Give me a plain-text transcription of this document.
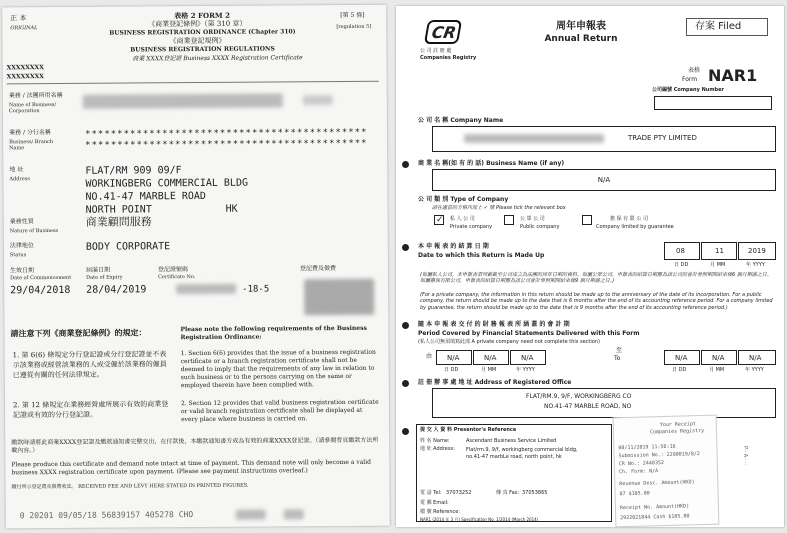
正 本
ORIGINAL
表格 2 FORM 2	[第 5 條]
[regulation 5]
《商業登記條例》（第 310 章）
BUSINESS REGISTRATION ORDINANCE (Chapter 310)
《商業登記規例》
BUSINESS REGISTRATION REGULATIONS
商業 XXXX登記證 Business XXXX Registration Certificate
XXXXXXXX
XXXXXXXX
業務 / 法團所用名稱
Name of Business/ Corporation
業務 / 分行名稱
Business/ Branch Name
********************************************
********************************************
地 址
Address
FLAT/RM 909 09/F
WORKINGBERG COMMERCIAL BLDG
NO.41-47 MARBLE ROAD
NORTH POINT	HK
業務性質
Nature of Business
商業顧問服務
法律地位
Status
BODY CORPORATE
生效日期
Date of Commencement
29/04/2018
屆滿日期
Date of Expiry
28/04/2019
登記證號碼
Certificate No.
-18-5
登記費及徵費
請注意下列《商業登記條例》的規定：	Please note the following requirements of the Business Registration Ordinance:
1. 第 6(6) 條規定分行登記證或分行登記證並不表示該業務或經營該業務的人或受僱於該業務的僱員已遵從有關的任何法律規定。
2. 第 12 條規定在業務經營處所展示有效的商業登記證或有效的分行登記證。
1. Section 6(6) provides that the issue of a business registration certificate or a branch registration certificate shall not be deemed to imply that the requirements of any law in relation to such business or to the persons carrying on the same or employed therein have been complied with.
2. Section 12 provides that valid business registration certificate or valid branch registration certificate shall be displayed at every place where business is carried on.
繳款時請將此商業XXXX登記證及繳款通知書完整交出，在付款後，本繳款通知書方成為有效的商業XXXX登記證。（請參閱背頁繳款方法所載內容。）
Please produce this certificate and demand note intact at time of payment. This demand note will only become a valid business XXXX registration certificate upon payment. (Please see payment instructions overleaf.)
繳付所示登記費及徵費收訖。 RECEIVED FEE AND LEVY HERE STATED IN PRINTED FIGURES.
0 20201 09/05/18 56839157 405278 CHO
CR
公 司 註 冊 處
Companies Registry
周年申報表
Annual Return
存案 Filed
表格
Form NAR1
公司編號 Company Number
公 司 名 稱 Company Name
TRADE PTY LIMITED
商 業 名 稱(如 有 的 話) Business Name (if any)
N/A
公 司 類 別 Type of Company
請在適當的方格內加上 ✓ 號 Please tick the relevant box
✓ 私 人 公 司
Private company
公 眾 公 司
Public company
擔 保 有 限 公 司
Company limited by guarantee
本 申 報 表 的 結 算 日 期
Date to which this Return is Made Up
08	11	2019
日 DD	月 MM	年 YYYY
(如屬私人公司，本申報表須列載截至公司成立為法團的周年日期的資料。如屬公眾公司，申報表的結算日期應為該公司的會計參照期間結束後6 個月期滿之日。如屬擔保有限公司，申報表的結算日期應為該公司會計參照期間結束後9 個月期滿之日。)
(For a private company, the information in this return should be made up to the anniversary of the date of its incorporation. For a public company, the return should be made up to the date that is 6 months after the end of its accounting reference period. For a company limited by guarantee, the return should be made up to the date that is 9 months after the end of its accounting reference period.)
隨 本 申 報 表 交 付 的 財 務 報 表 所 涵 蓋 的 會 計 期
Period Covered by Financial Statements Delivered with this Form
(私人公司無須填寫此部 A private company need not complete this section)
由 N/A	N/A	N/A
日 DD	月 MM	年 YYYY
至
To	N/A	N/A	N/A
日 DD	月 MM	年 YYYY
註 冊 辦 事 處 地 址 Address of Registered Office
FLAT/RM.9, 9/F, WORKINGBERG CO
NO.41-47 MARBLE ROAD, NO
提 交 人 資 料 Presentor's Reference
姓 名 Name:	Ascendant Business Service Limited
地 址 Address: Flat/rm.9, 9/f, workingberg commercial bldg, no.41-47 marbLe road, north point, hk
電 話 Tel: 37073252	傳 真 Fax: 37053865
電 郵 Email:
檔 號 Reference:
NAR1 (2014 年 3 月) Specification No. 1/2014 (March 2014)
Your Receipt
Companies Registry
08/11/2019 11:56:16
Submission No.: 2290019/8/2
CR No.: 2440352
Ch. Form: N/A
Revenue Desc. Amount(HKD)
07 $105.00
Receipt No. Amount(HKD)
2922021844 Cash $105.00
P·· A·· ··
